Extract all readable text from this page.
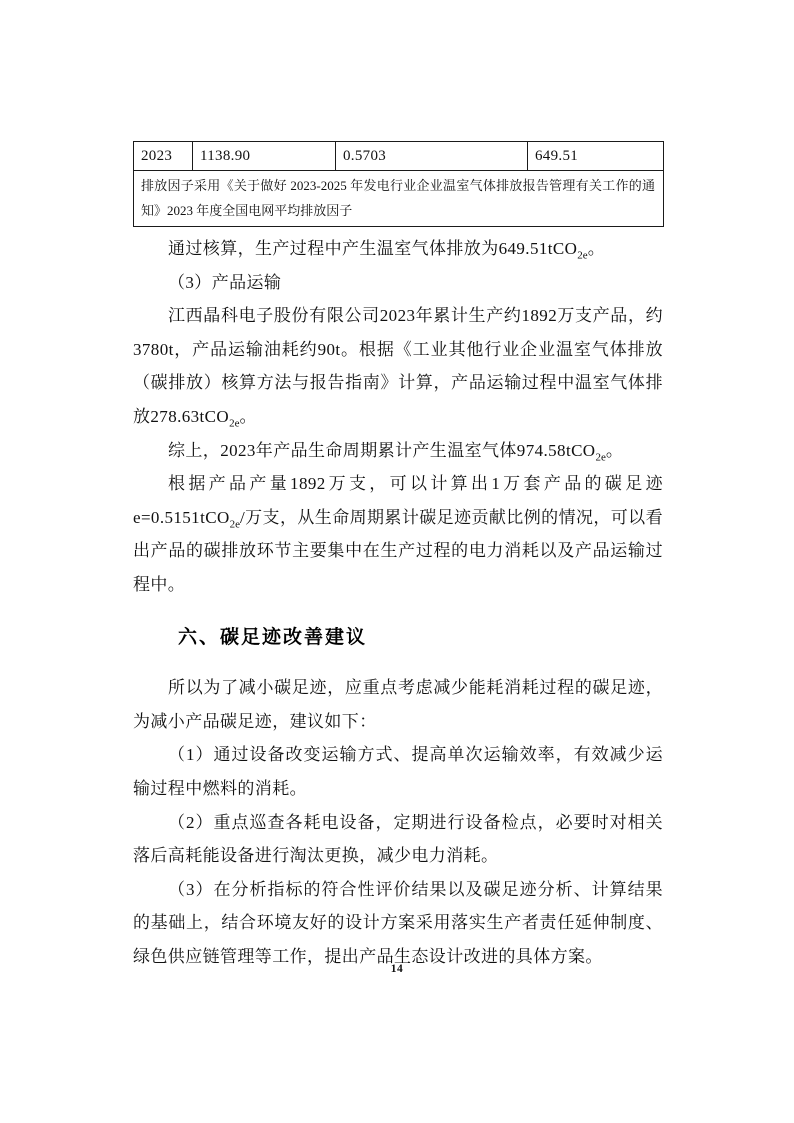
2023	1138.90	0.5703	649.51
排放因子采用《关于做好 2023-2025 年发电行业企业温室气体排放报告管理有关工作的通知》2023 年度全国电网平均排放因子

通过核算，生产过程中产生温室气体排放为649.51tCO$_{2e}$。

（3）产品运输

江西晶科电子股份有限公司2023年累计生产约1892万支产品，约3780t，产品运输油耗约90t。根据《工业其他行业企业温室气体排放（碳排放）核算方法与报告指南》计算，产品运输过程中温室气体排放278.63tCO$_{2e}$。

综上，2023年产品生命周期累计产生温室气体974.58tCO$_{2e}$。

根据产品产量1892万支，可以计算出1万套产品的碳足迹e=0.5151tCO$_{2e}$/万支，从生命周期累计碳足迹贡献比例的情况，可以看出产品的碳排放环节主要集中在生产过程的电力消耗以及产品运输过程中。

六、碳足迹改善建议

所以为了减小碳足迹，应重点考虑减少能耗消耗过程的碳足迹，为减小产品碳足迹，建议如下：

（1）通过设备改变运输方式、提高单次运输效率，有效减少运输过程中燃料的消耗。

（2）重点巡查各耗电设备，定期进行设备检点，必要时对相关落后高耗能设备进行淘汰更换，减少电力消耗。

（3）在分析指标的符合性评价结果以及碳足迹分析、计算结果的基础上，结合环境友好的设计方案采用落实生产者责任延伸制度、绿色供应链管理等工作，提出产品生态设计改进的具体方案。

14
